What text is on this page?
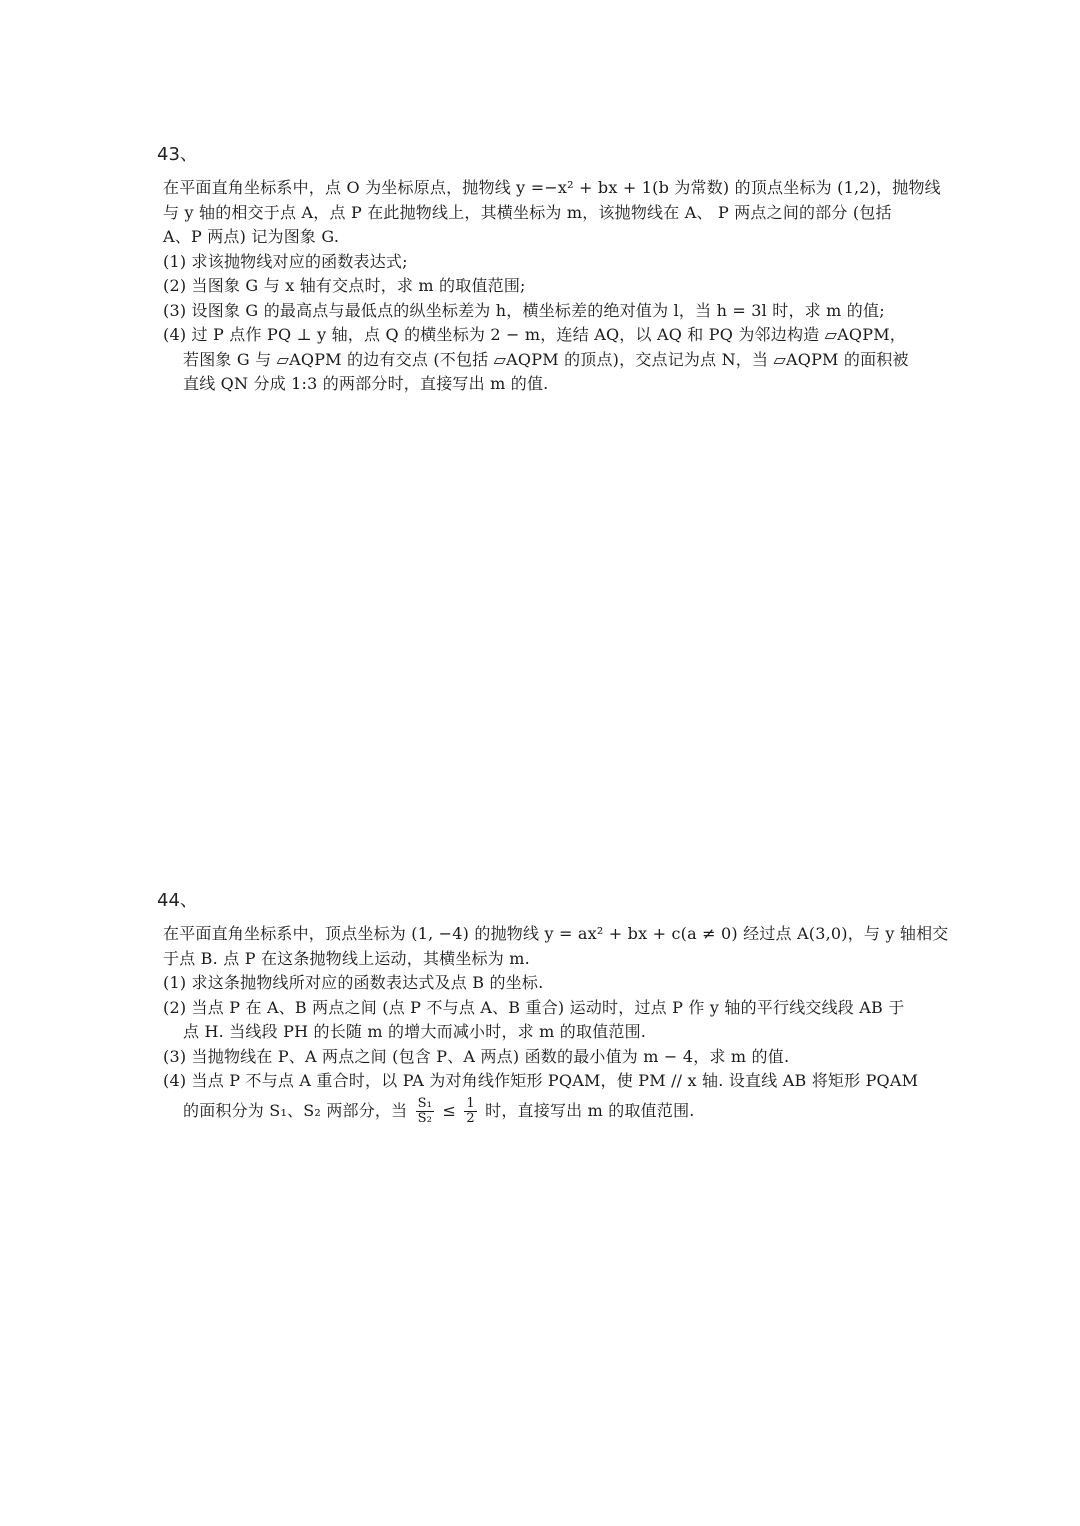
43、
在平面直角坐标系中，点 O 为坐标原点，抛物线 y =−x² + bx + 1(b 为常数) 的顶点坐标为 (1,2)，抛物线
与 y 轴的相交于点 A，点 P 在此抛物线上，其横坐标为 m，该抛物线在 A、 P 两点之间的部分 (包括
A、P 两点) 记为图象 G.
(1) 求该抛物线对应的函数表达式;
(2) 当图象 G 与 x 轴有交点时，求 m 的取值范围;
(3) 设图象 G 的最高点与最低点的纵坐标差为 h，横坐标差的绝对值为 l，当 h = 3l 时，求 m 的值;
(4) 过 P 点作 PQ ⊥ y 轴，点 Q 的横坐标为 2 − m，连结 AQ，以 AQ 和 PQ 为邻边构造 ▱AQPM，
若图象 G 与 ▱AQPM 的边有交点 (不包括 ▱AQPM 的顶点)，交点记为点 N，当 ▱AQPM 的面积被
直线 QN 分成 1:3 的两部分时，直接写出 m 的值.
44、
在平面直角坐标系中，顶点坐标为 (1, −4) 的抛物线 y = ax² + bx + c(a ≠ 0) 经过点 A(3,0)，与 y 轴相交
于点 B. 点 P 在这条抛物线上运动，其横坐标为 m.
(1) 求这条抛物线所对应的函数表达式及点 B 的坐标.
(2) 当点 P 在 A、B 两点之间 (点 P 不与点 A、B 重合) 运动时，过点 P 作 y 轴的平行线交线段 AB 于
点 H. 当线段 PH 的长随 m 的增大而减小时，求 m 的取值范围.
(3) 当抛物线在 P、A 两点之间 (包含 P、A 两点) 函数的最小值为 m − 4，求 m 的值.
(4) 当点 P 不与点 A 重合时，以 PA 为对角线作矩形 PQAM，使 PM // x 轴. 设直线 AB 将矩形 PQAM
的面积分为 S₁、S₂ 两部分，当 $\frac{\text{S₁}}{\text{S₂}} \le \frac{1}{2}$ 时，直接写出 m 的取值范围.
